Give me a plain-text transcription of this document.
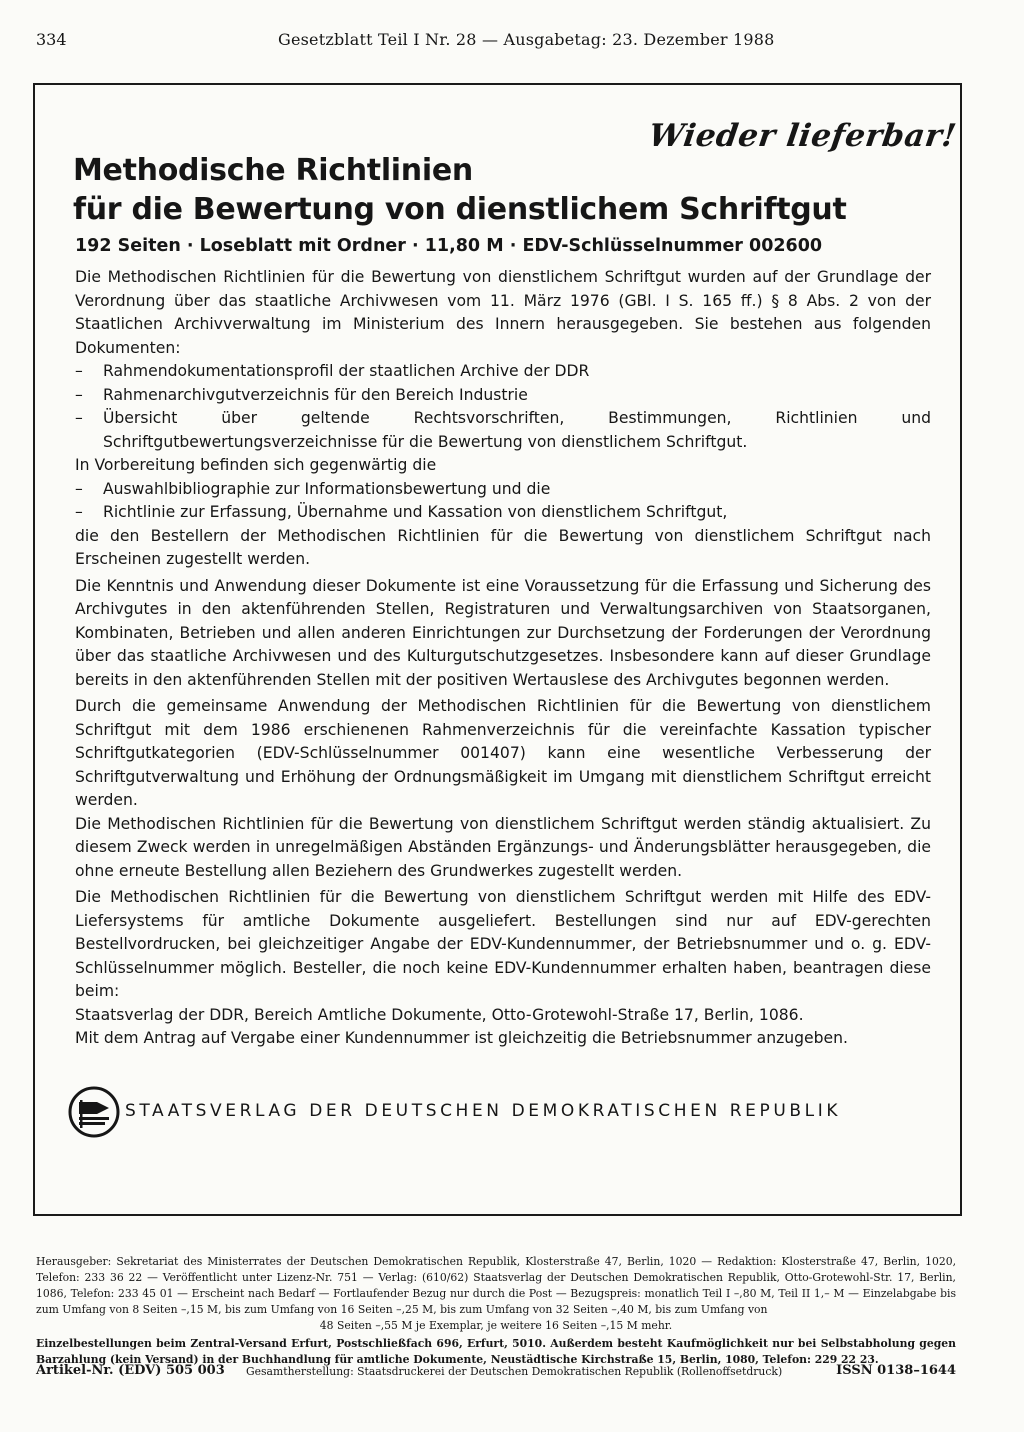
334	Gesetzblatt Teil I Nr. 28 — Ausgabetag: 23. Dezember 1988
Wieder lieferbar!
Methodische Richtlinien
für die Bewertung von dienstlichem Schriftgut
192 Seiten · Loseblatt mit Ordner · 11,80 M · EDV-Schlüsselnummer 002600

Die Methodischen Richtlinien für die Bewertung von dienstlichem Schriftgut wurden auf der Grundlage der Verordnung über das staatliche Archivwesen vom 11. März 1976 (GBl. I S. 165 ff.) § 8 Abs. 2 von der Staatlichen Archivverwaltung im Ministerium des Innern herausgegeben. Sie bestehen aus folgenden Dokumenten:

– Rahmendokumentationsprofil der staatlichen Archive der DDR
– Rahmenarchivgutverzeichnis für den Bereich Industrie
– Übersicht über geltende Rechtsvorschriften, Bestimmungen, Richtlinien und Schriftgutbewertungsverzeichnisse für die Bewertung von dienstlichem Schriftgut.

In Vorbereitung befinden sich gegenwärtig die

– Auswahlbibliographie zur Informationsbewertung und die
– Richtlinie zur Erfassung, Übernahme und Kassation von dienstlichem Schriftgut,

die den Bestellern der Methodischen Richtlinien für die Bewertung von dienstlichem Schriftgut nach Erscheinen zugestellt werden.

Die Kenntnis und Anwendung dieser Dokumente ist eine Voraussetzung für die Erfassung und Sicherung des Archivgutes in den aktenführenden Stellen, Registraturen und Verwaltungsarchiven von Staatsorganen, Kombinaten, Betrieben und allen anderen Einrichtungen zur Durchsetzung der Forderungen der Verordnung über das staatliche Archivwesen und des Kulturgutschutzgesetzes. Insbesondere kann auf dieser Grundlage bereits in den aktenführenden Stellen mit der positiven Wertauslese des Archivgutes begonnen werden.

Durch die gemeinsame Anwendung der Methodischen Richtlinien für die Bewertung von dienstlichem Schriftgut mit dem 1986 erschienenen Rahmenverzeichnis für die vereinfachte Kassation typischer Schriftgutkategorien (EDV-Schlüsselnummer 001407) kann eine wesentliche Verbesserung der Schriftgutverwaltung und Erhöhung der Ordnungsmäßigkeit im Umgang mit dienstlichem Schriftgut erreicht werden.

Die Methodischen Richtlinien für die Bewertung von dienstlichem Schriftgut werden ständig aktualisiert. Zu diesem Zweck werden in unregelmäßigen Abständen Ergänzungs- und Änderungsblätter herausgegeben, die ohne erneute Bestellung allen Beziehern des Grundwerkes zugestellt werden.

Die Methodischen Richtlinien für die Bewertung von dienstlichem Schriftgut werden mit Hilfe des EDV-Liefersystems für amtliche Dokumente ausgeliefert. Bestellungen sind nur auf EDV-gerechten Bestellvordrucken, bei gleichzeitiger Angabe der EDV-Kundennummer, der Betriebsnummer und o. g. EDV-Schlüsselnummer möglich. Besteller, die noch keine EDV-Kundennummer erhalten haben, beantragen diese beim:

Staatsverlag der DDR, Bereich Amtliche Dokumente, Otto-Grotewohl-Straße 17, Berlin, 1086.

Mit dem Antrag auf Vergabe einer Kundennummer ist gleichzeitig die Betriebsnummer anzugeben.

STAATSVERLAG DER DEUTSCHEN DEMOKRATISCHEN REPUBLIK

Herausgeber: Sekretariat des Ministerrates der Deutschen Demokratischen Republik, Klosterstraße 47, Berlin, 1020 — Redaktion: Klosterstraße 47, Berlin, 1020, Telefon: 233 36 22 — Veröffentlicht unter Lizenz-Nr. 751 — Verlag: (610/62) Staatsverlag der Deutschen Demokratischen Republik, Otto-Grotewohl-Str. 17, Berlin, 1086, Telefon: 233 45 01 — Erscheint nach Bedarf — Fortlaufender Bezug nur durch die Post — Bezugspreis: monatlich Teil I –,80 M, Teil II 1,– M — Einzelabgabe bis zum Umfang von 8 Seiten –,15 M, bis zum Umfang von 16 Seiten –,25 M, bis zum Umfang von 32 Seiten –,40 M, bis zum Umfang von

48 Seiten –,55 M je Exemplar, je weitere 16 Seiten –,15 M mehr.

Einzelbestellungen beim Zentral-Versand Erfurt, Postschließfach 696, Erfurt, 5010. Außerdem besteht Kaufmöglichkeit nur bei Selbstabholung gegen Barzahlung (kein Versand) in der Buchhandlung für amtliche Dokumente, Neustädtische Kirchstraße 15, Berlin, 1080, Telefon: 229 22 23.

Artikel-Nr. (EDV) 505 003 Gesamtherstellung: Staatsdruckerei der Deutschen Demokratischen Republik (Rollenoffsetdruck)	ISSN 0138–1644
